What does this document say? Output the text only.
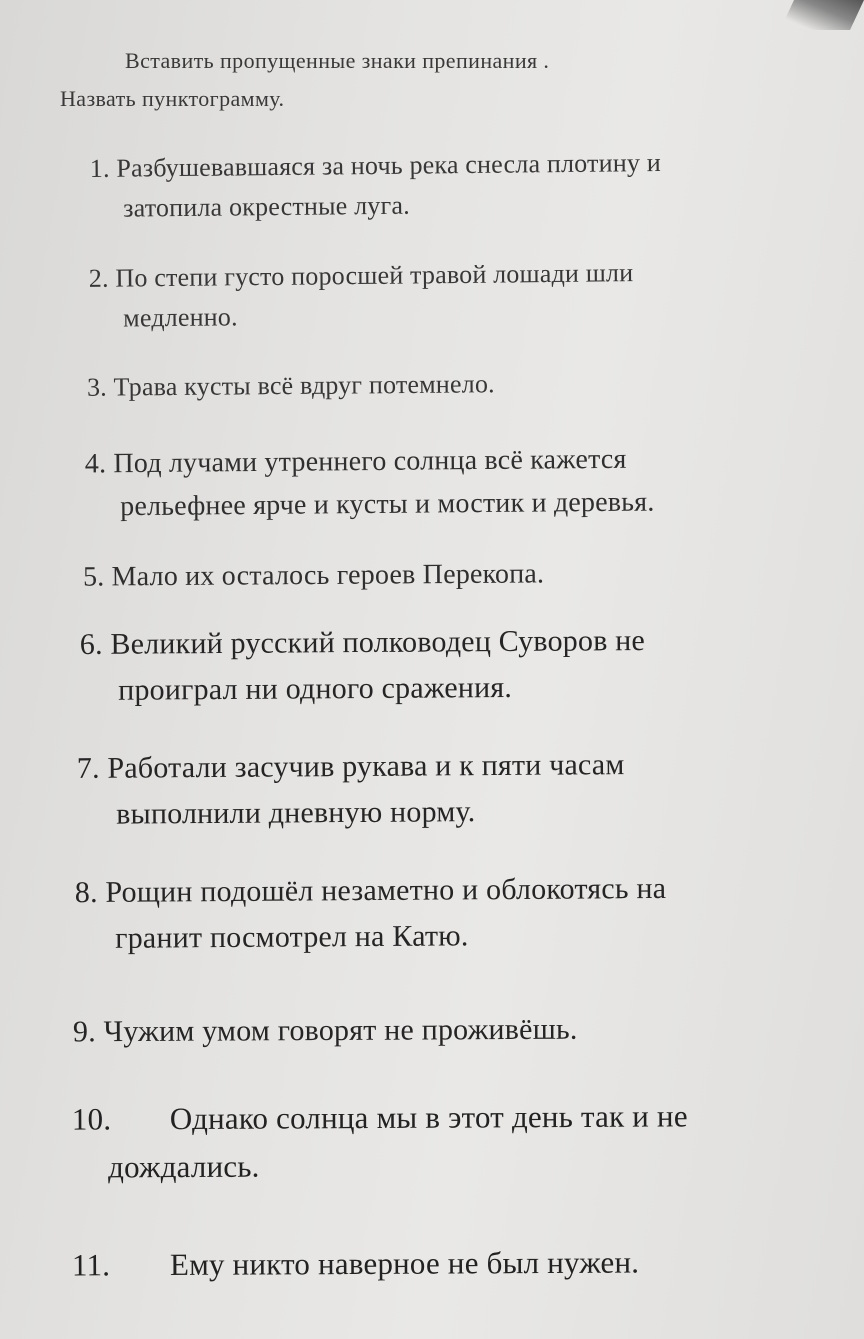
Вставить пропущенные знаки препинания .
Назвать пунктограмму.
1. Разбушевавшаяся за ночь река снесла плотину и
затопила окрестные луга.
2. По степи густо поросшей травой лошади шли
медленно.
3. Трава кусты всё вдруг потемнело.
4. Под лучами утреннего солнца всё кажется
рельефнее ярче и кусты и мостик и деревья.
5. Мало их осталось героев Перекопа.
6. Великий русский полководец Суворов не
проиграл ни одного сражения.
7. Работали засучив рукава и к пяти часам
выполнили дневную норму.
8. Рощин подошёл незаметно и облокотясь на
гранит посмотрел на Катю.
9. Чужим умом говорят не проживёшь.
10. Однако солнца мы в этот день так и не
дождались.
11. Ему никто наверное не был нужен.
